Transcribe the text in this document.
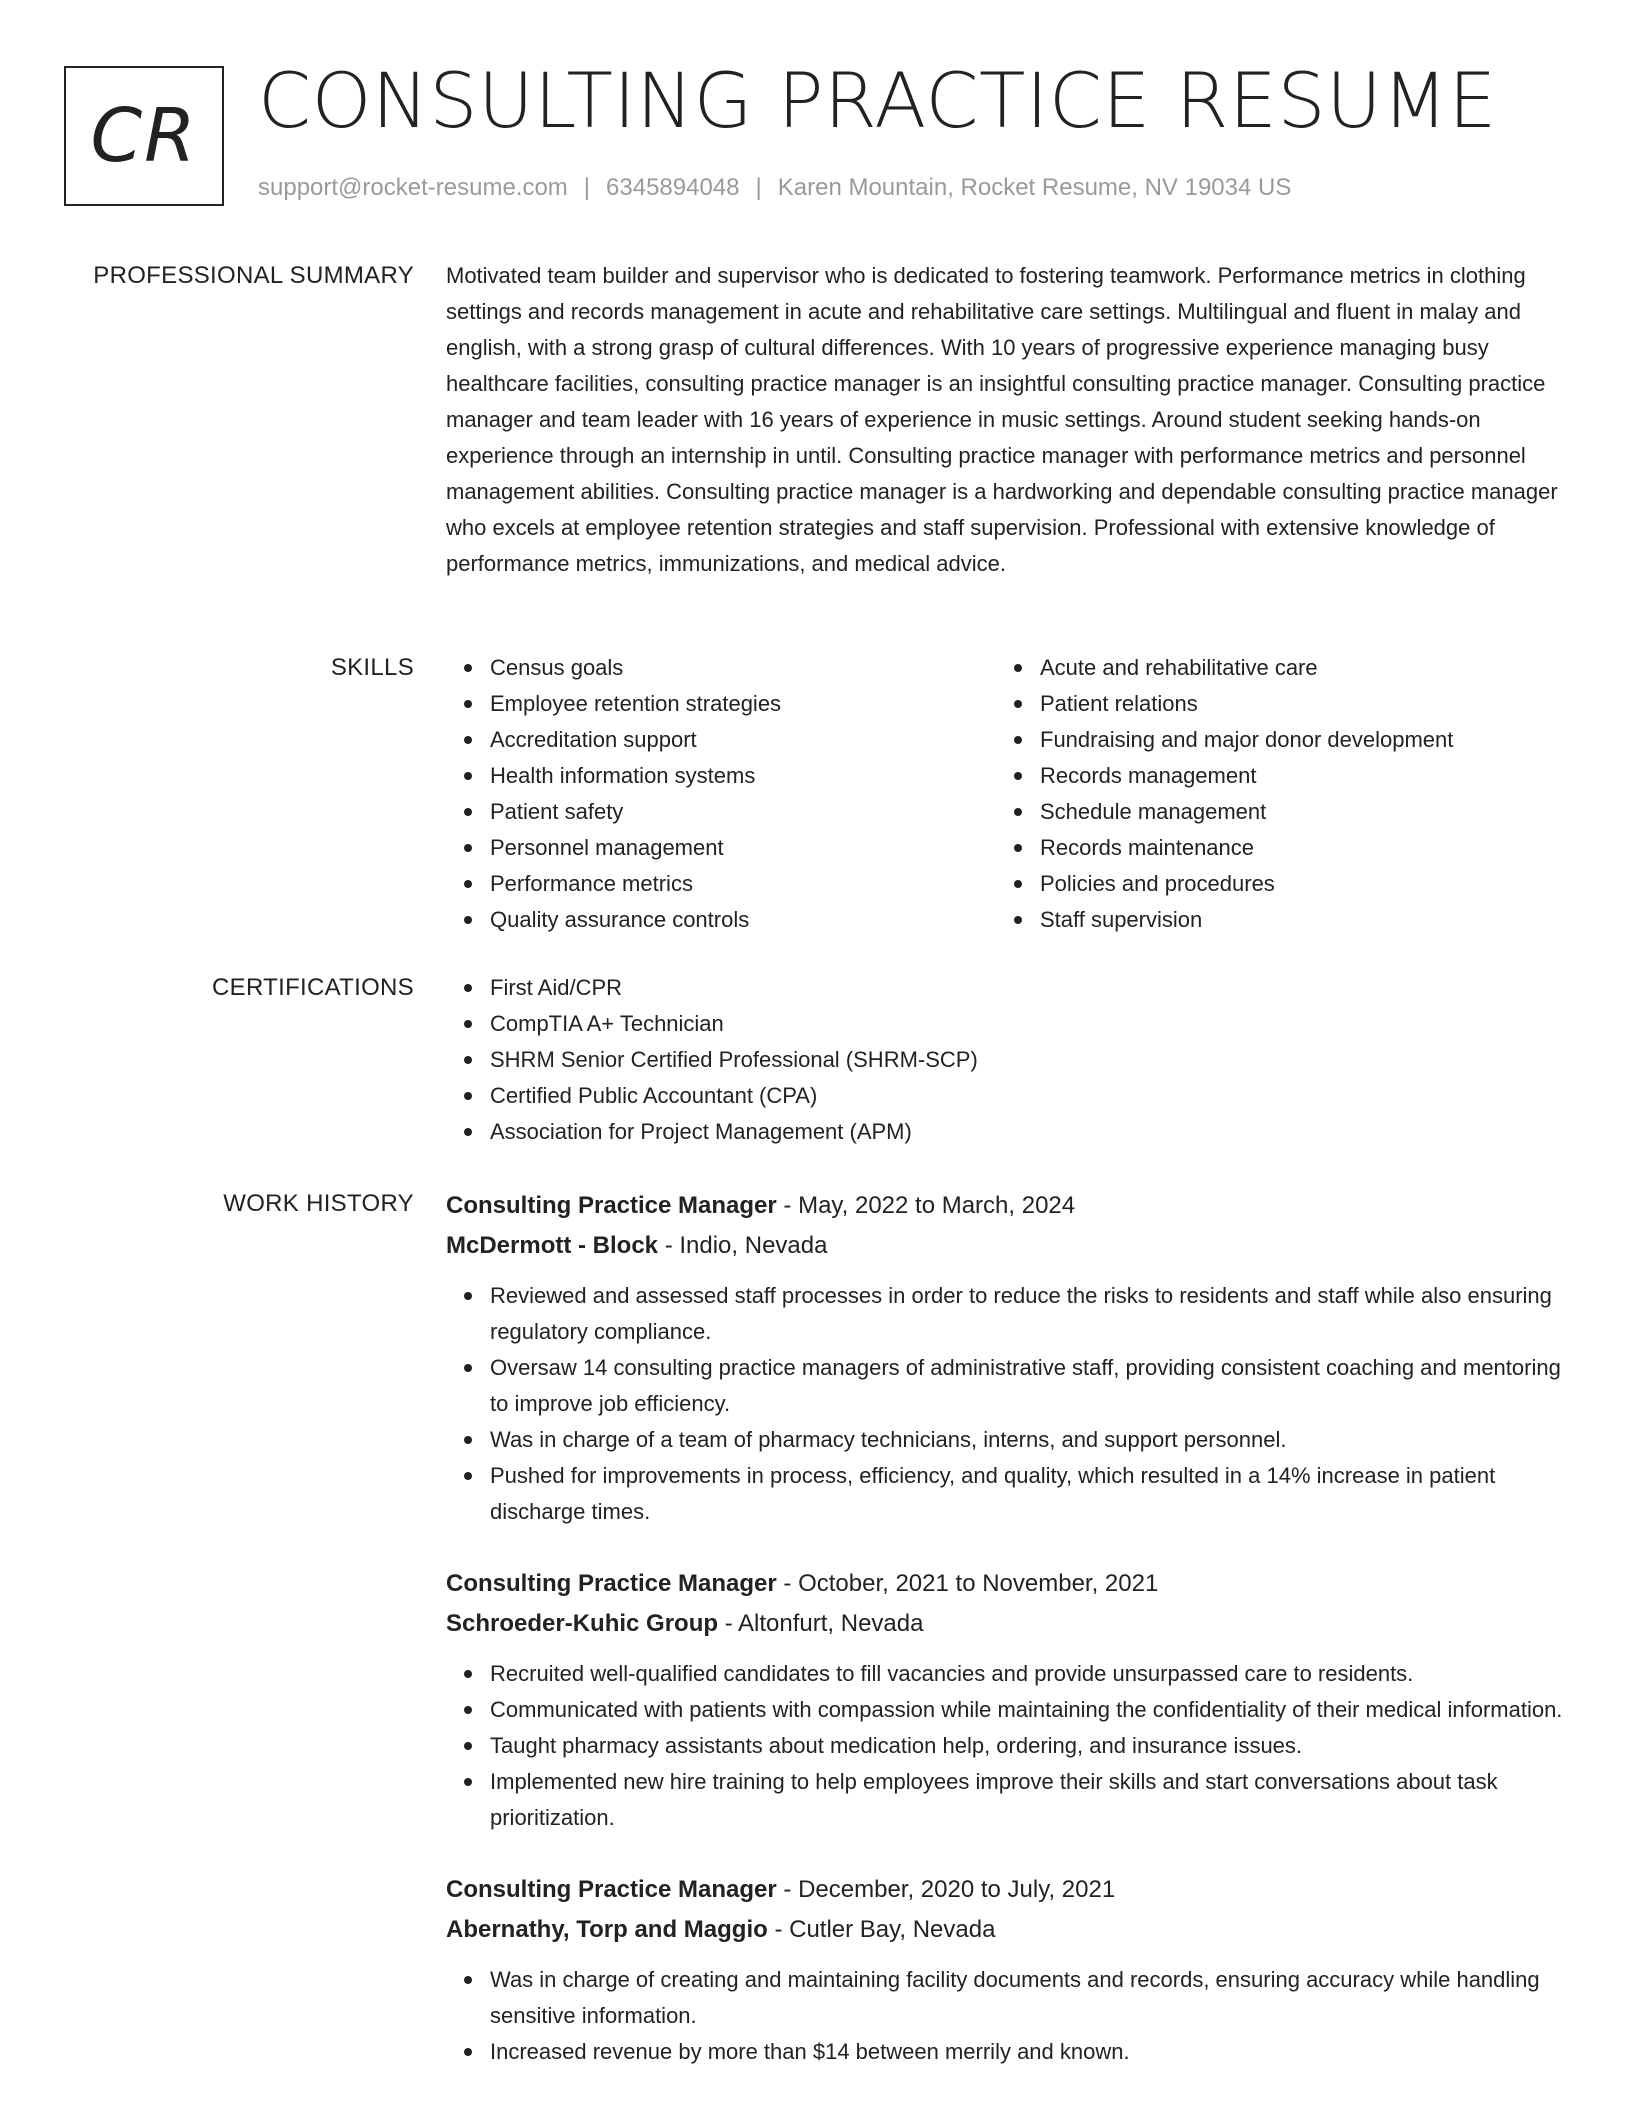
CR CONSULTING PRACTICE RESUME
support@rocket-resume.com | 6345894048 | Karen Mountain, Rocket Resume, NV 19034 US
PROFESSIONAL SUMMARY Motivated team builder and supervisor who is dedicated to fostering teamwork. Performance metrics in clothing settings and records management in acute and rehabilitative care settings. Multilingual and fluent in malay and english, with a strong grasp of cultural differences. With 10 years of progressive experience managing busy healthcare facilities, consulting practice manager is an insightful consulting practice manager. Consulting practice manager and team leader with 16 years of experience in music settings. Around student seeking hands-on experience through an internship in until. Consulting practice manager with performance metrics and personnel management abilities. Consulting practice manager is a hardworking and dependable consulting practice manager who excels at employee retention strategies and staff supervision. Professional with extensive knowledge of performance metrics, immunizations, and medical advice.

SKILLS	Census goals
Employee retention strategies
Accreditation support
Health information systems
Patient safety
Personnel management
Performance metrics
Quality assurance controls
Acute and rehabilitative care
Patient relations
Fundraising and major donor development
Records management
Schedule management
Records maintenance
Policies and procedures
Staff supervision
CERTIFICATIONS	First Aid/CPR
CompTIA A+ Technician
SHRM Senior Certified Professional (SHRM-SCP)
Certified Public Accountant (CPA)
Association for Project Management (APM)
WORK HISTORY Consulting Practice Manager - May, 2022 to March, 2024
McDermott - Block - Indio, Nevada
Reviewed and assessed staff processes in order to reduce the risks to residents and staff while also ensuring regulatory compliance.
Oversaw 14 consulting practice managers of administrative staff, providing consistent coaching and mentoring to improve job efficiency.
Was in charge of a team of pharmacy technicians, interns, and support personnel.
Pushed for improvements in process, efficiency, and quality, which resulted in a 14% increase in patient discharge times.
Consulting Practice Manager - October, 2021 to November, 2021
Schroeder-Kuhic Group - Altonfurt, Nevada
Recruited well-qualified candidates to fill vacancies and provide unsurpassed care to residents.
Communicated with patients with compassion while maintaining the confidentiality of their medical information.
Taught pharmacy assistants about medication help, ordering, and insurance issues.
Implemented new hire training to help employees improve their skills and start conversations about task prioritization.
Consulting Practice Manager - December, 2020 to July, 2021
Abernathy, Torp and Maggio - Cutler Bay, Nevada
Was in charge of creating and maintaining facility documents and records, ensuring accuracy while handling sensitive information.
Increased revenue by more than $14 between merrily and known.
